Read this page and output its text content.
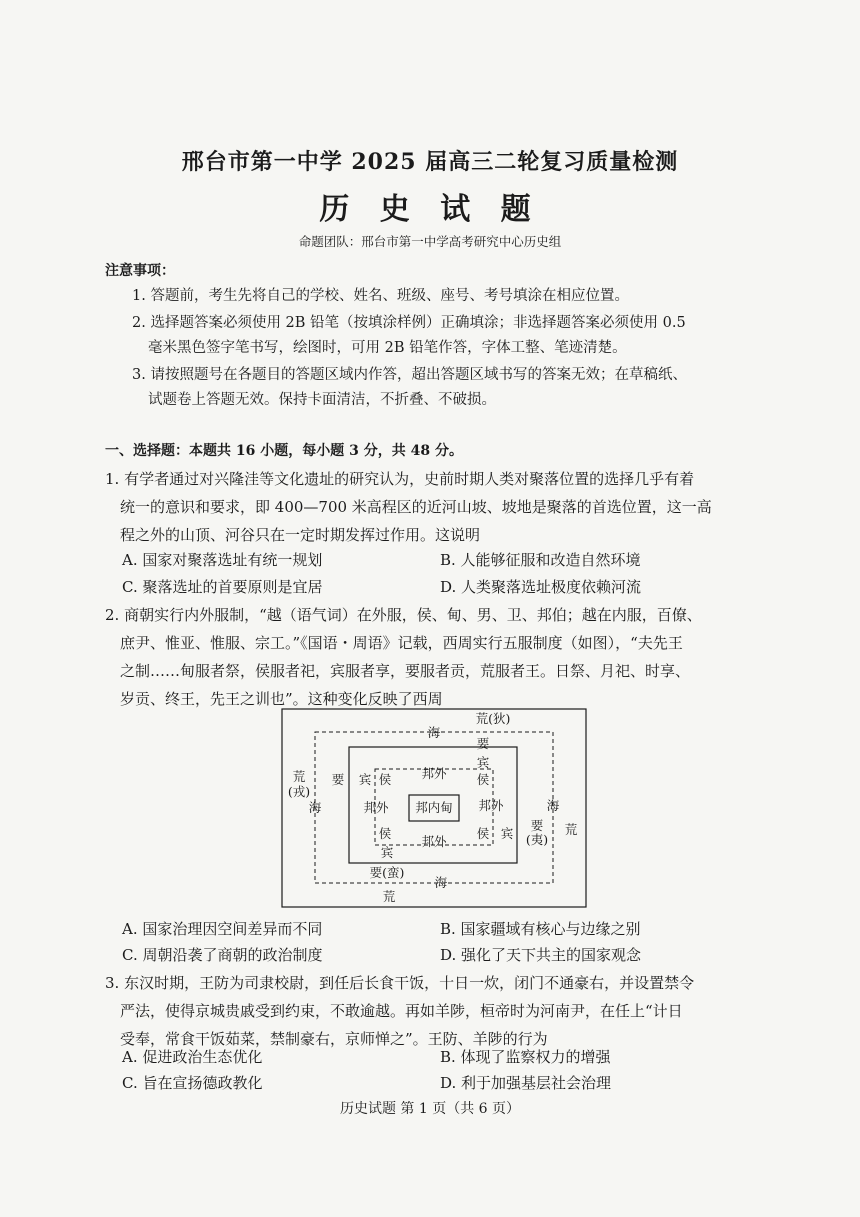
邢台市第一中学 2025 届高三二轮复习质量检测
历 史 试 题
命题团队：邢台市第一中学高考研究中心历史组
注意事项：
1. 答题前，考生先将自己的学校、姓名、班级、座号、考号填涂在相应位置。
2. 选择题答案必须使用 2B 铅笔（按填涂样例）正确填涂；非选择题答案必须使用 0.5
毫米黑色签字笔书写，绘图时，可用 2B 铅笔作答，字体工整、笔迹清楚。
3. 请按照题号在各题目的答题区域内作答，超出答题区域书写的答案无效；在草稿纸、
试题卷上答题无效。保持卡面清洁，不折叠、不破损。
一、选择题：本题共 16 小题，每小题 3 分，共 48 分。
1. 有学者通过对兴隆洼等文化遗址的研究认为，史前时期人类对聚落位置的选择几乎有着
统一的意识和要求，即 400—700 米高程区的近河山坡、坡地是聚落的首选位置，这一高
程之外的山顶、河谷只在一定时期发挥过作用。这说明
A. 国家对聚落选址有统一规划	B. 人能够征服和改造自然环境
C. 聚落选址的首要原则是宜居	D. 人类聚落选址极度依赖河流
2. 商朝实行内外服制，“越（语气词）在外服，侯、甸、男、卫、邦伯；越在内服，百僚、
庶尹、惟亚、惟服、宗工。”《国语・周语》记载，西周实行五服制度（如图），“夫先王
之制……甸服者祭，侯服者祀，宾服者享，要服者贡，荒服者王。日祭、月祀、时享、
岁贡、终王，先王之训也”。这种变化反映了西周
荒(狄)
海
要
宾
侯 邦外 侯
宾
要
荒(戎)
海	邦外 邦内甸 邦外	海
荒
侯
邦外
侯 宾
要(夷)
宾
要(蛮)
海
荒
A. 国家治理因空间差异而不同	B. 国家疆域有核心与边缘之别
C. 周朝沿袭了商朝的政治制度	D. 强化了天下共主的国家观念
3. 东汉时期，王防为司隶校尉，到任后长食干饭，十日一炊，闭门不通豪右，并设置禁令
严法，使得京城贵戚受到约束，不敢逾越。再如羊陟，桓帝时为河南尹，在任上“计日
受奉，常食干饭茹菜，禁制豪右，京师惮之”。王防、羊陟的行为
A. 促进政治生态优化	B. 体现了监察权力的增强
C. 旨在宣扬德政教化	D. 利于加强基层社会治理
历史试题 第 1 页（共 6 页）
